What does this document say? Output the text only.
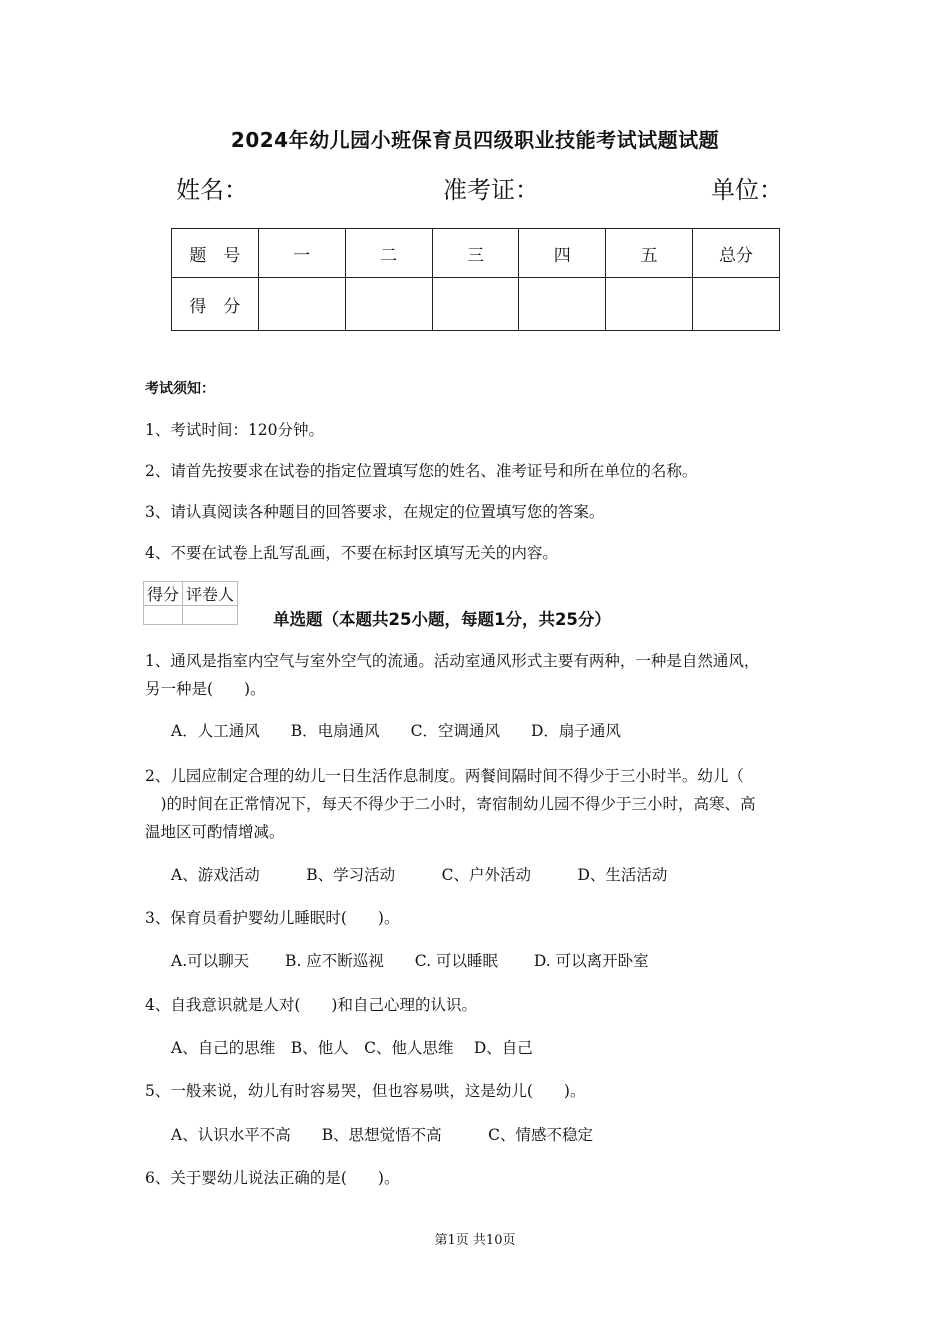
2024年幼儿园小班保育员四级职业技能考试试题试题
姓名：	准考证：	单位：
题　号	一	二	三	四	五	总分
得　分						
考试须知：
1、考试时间：120分钟。
2、请首先按要求在试卷的指定位置填写您的姓名、准考证号和所在单位的名称。
3、请认真阅读各种题目的回答要求，在规定的位置填写您的答案。
4、不要在试卷上乱写乱画，不要在标封区填写无关的内容。
得分	评卷人

单选题（本题共25小题，每题1分，共25分）
1、通风是指室内空气与室外空气的流通。活动室通风形式主要有两种，一种是自然通风，
另一种是(　　)。
A．人工通风　　B．电扇通风　　C．空调通风　　D．扇子通风
2、儿园应制定合理的幼儿一日生活作息制度。两餐间隔时间不得少于三小时半。幼儿（
　)的时间在正常情况下，每天不得少于二小时，寄宿制幼儿园不得少于三小时，高寒、高
温地区可酌情增减。
A、游戏活动　　　B、学习活动　　　C、户外活动　　　D、生活活动
3、保育员看护婴幼儿睡眠时(　　)。
A.可以聊天　　 B. 应不断巡视　　C. 可以睡眠　　 D. 可以离开卧室
4、自我意识就是人对(　　)和自己心理的认识。
A、自己的思维　B、他人　C、他人思维　 D、自己
5、一般来说，幼儿有时容易哭，但也容易哄，这是幼儿(　　)。
A、认识水平不高　　B、思想觉悟不高　　　C、情感不稳定
6、关于婴幼儿说法正确的是(　　)。
第1页 共10页
